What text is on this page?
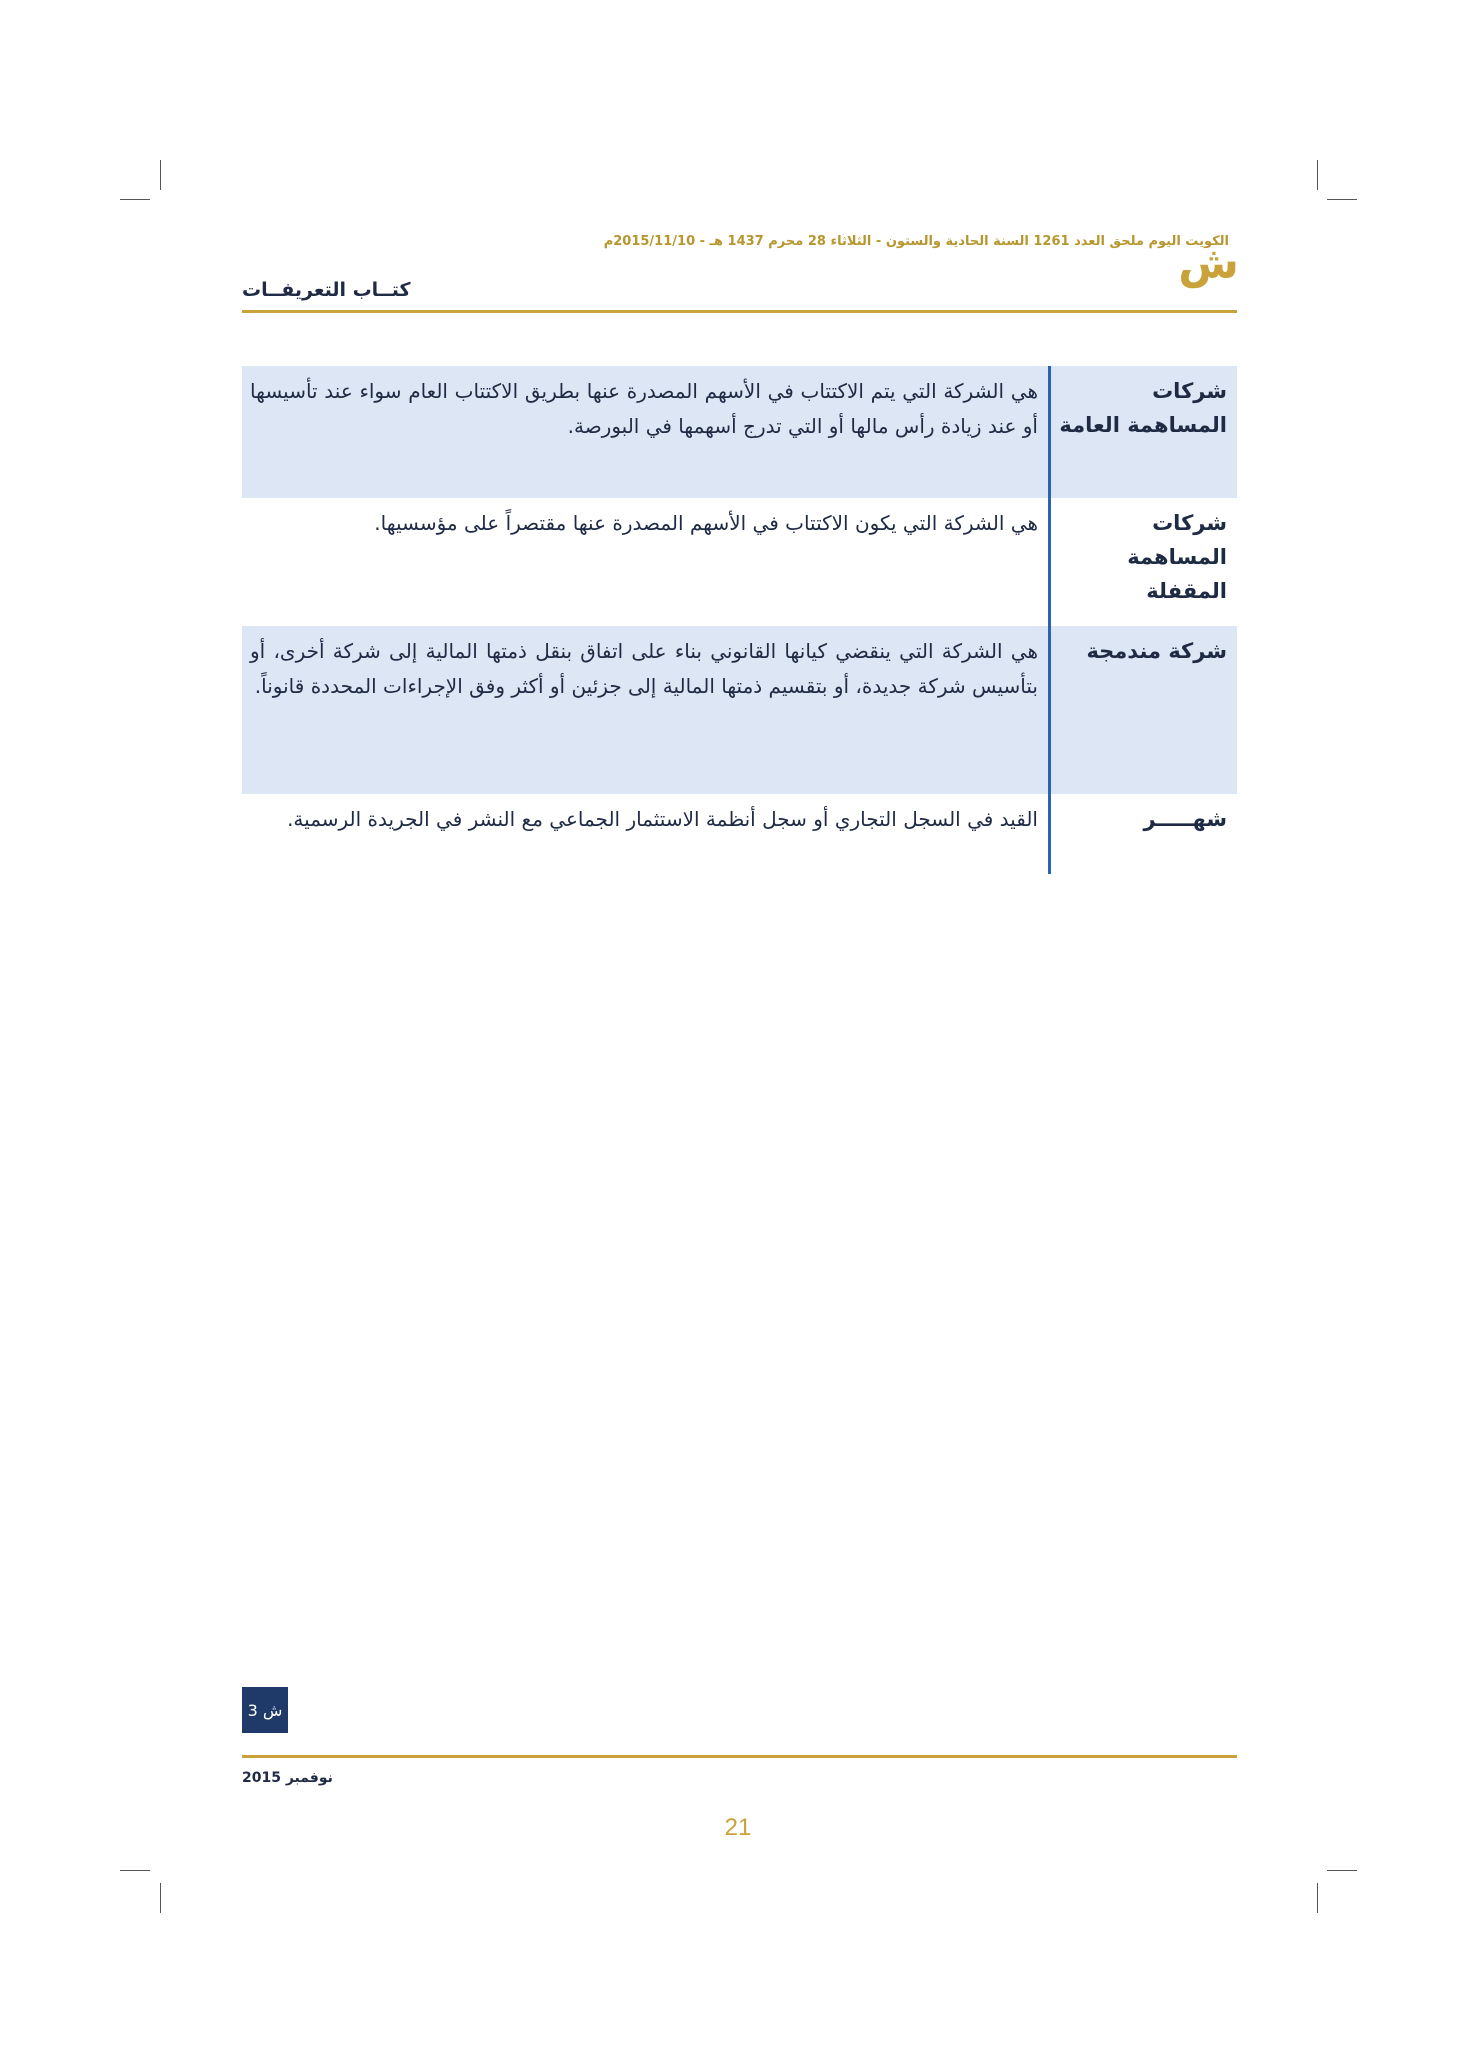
الكويت اليوم ملحق العدد 1261 السنة الحادية والستون - الثلاثاء 28 محرم 1437 هـ - 2015/11/10م
ش
كتــاب التعريفــات
شركات المساهمة العامة
هي الشركة التي يتم الاكتتاب في الأسهم المصدرة عنها بطريق الاكتتاب العام سواء عند تأسيسها أو عند زيادة رأس مالها أو التي تدرج أسهمها في البورصة.
شركات المساهمة المقفلة
هي الشركة التي يكون الاكتتاب في الأسهم المصدرة عنها مقتصراً على مؤسسيها.
شركة مندمجة
هي الشركة التي ينقضي كيانها القانوني بناء على اتفاق بنقل ذمتها المالية إلى شركة أخرى، أو بتأسيس شركة جديدة، أو بتقسيم ذمتها المالية إلى جزئين أو أكثر وفق الإجراءات المحددة قانوناً.
شهـــــر
القيد في السجل التجاري أو سجل أنظمة الاستثمار الجماعي مع النشر في الجريدة الرسمية.
ش 3
نوفمبر 2015
21
